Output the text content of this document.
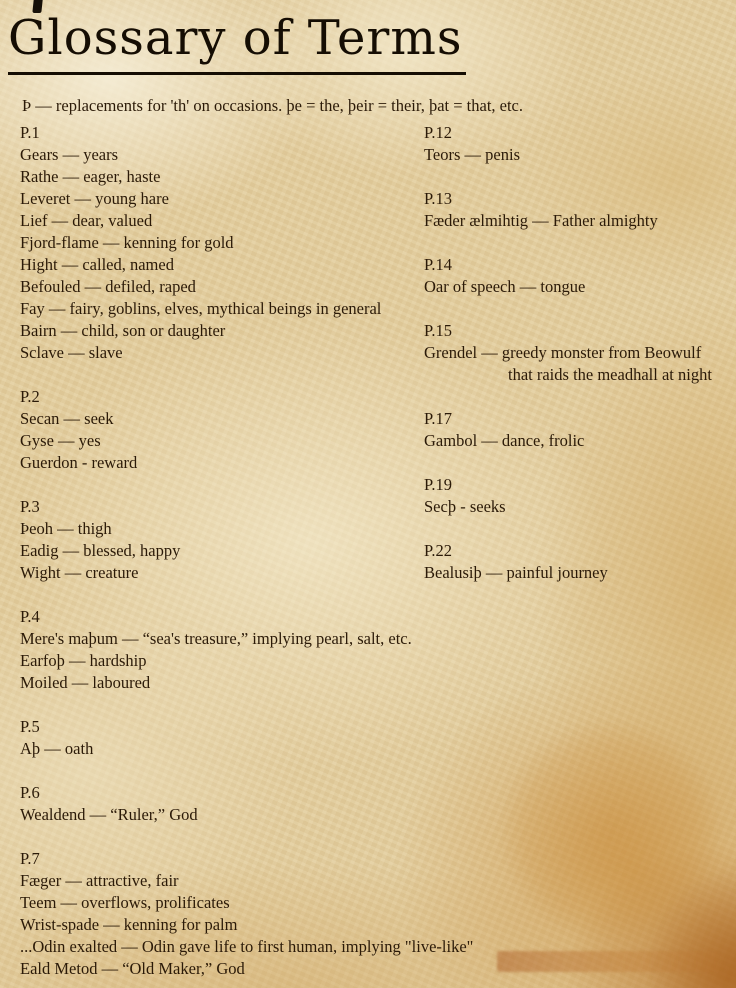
Glossary of Terms
Þ — replacements for 'th' on occasions. þe = the, þeir = their, þat = that, etc.
P.1
Gears — years
Rathe — eager, haste
Leveret — young hare
Lief — dear, valued
Fjord-flame — kenning for gold
Hight — called, named
Befouled — defiled, raped
Fay — fairy, goblins, elves, mythical beings in general
Bairn — child, son or daughter
Sclave — slave
P.2
Secan — seek
Gyse — yes
Guerdon - reward
P.3
Þeoh — thigh
Eadig — blessed, happy
Wight — creature
P.4
Mere's maþum — “sea's treasure,” implying pearl, salt, etc.
Earfoþ — hardship
Moiled — laboured
P.5
Aþ — oath
P.6
Wealdend — “Ruler,” God
P.7
Fæger — attractive, fair
Teem — overflows, prolificates
Wrist-spade — kenning for palm
...Odin exalted — Odin gave life to first human, implying "live-like"
Eald Metod — “Old Maker,” God
P.12
Teors — penis
P.13
Fæder ælmihtig — Father almighty
P.14
Oar of speech — tongue
P.15
Grendel — greedy monster from Beowulf that raids the meadhall at night
P.17
Gambol — dance, frolic
P.19
Secþ - seeks
P.22
Bealusiþ — painful journey
